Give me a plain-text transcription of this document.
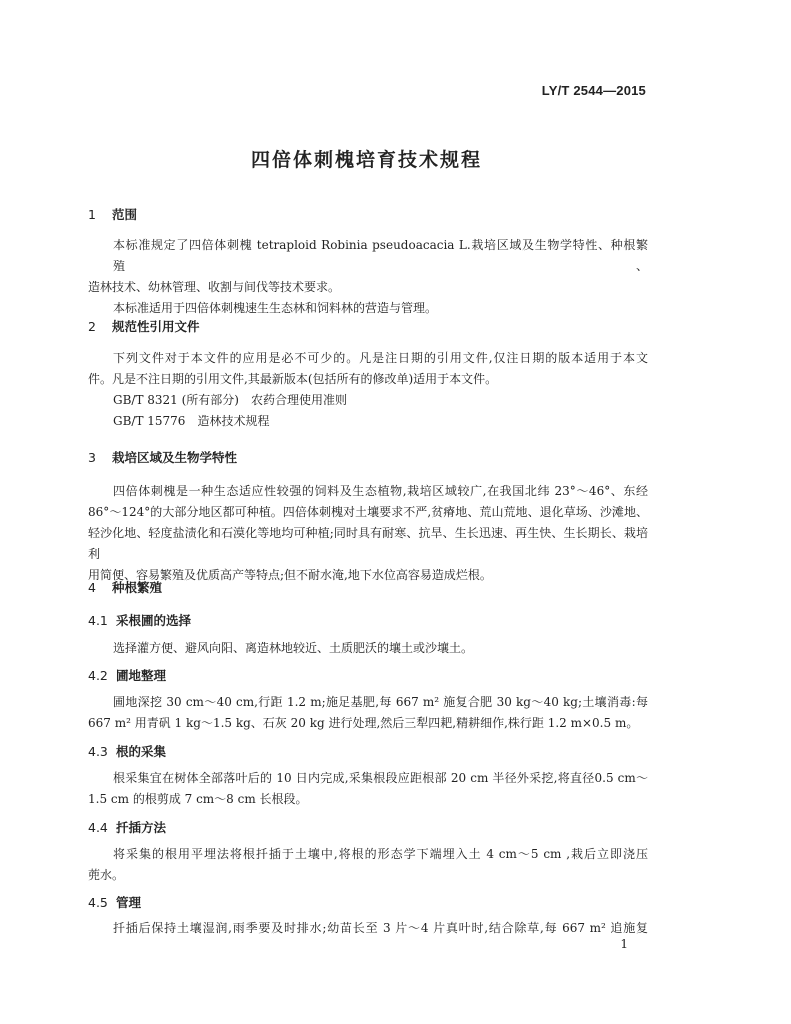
LY/T 2544—2015
四倍体刺槐培育技术规程
1 范围
本标准规定了四倍体刺槐 tetraploid Robinia pseudoacacia L.栽培区域及生物学特性、种根繁殖、
造林技术、幼林管理、收割与间伐等技术要求。
本标准适用于四倍体刺槐速生生态林和饲料林的营造与管理。
2 规范性引用文件
下列文件对于本文件的应用是必不可少的。凡是注日期的引用文件,仅注日期的版本适用于本文
件。凡是不注日期的引用文件,其最新版本(包括所有的修改单)适用于本文件。
GB/T 8321 (所有部分)　农药合理使用准则
GB/T 15776　造林技术规程
3 栽培区域及生物学特性
四倍体刺槐是一种生态适应性较强的饲料及生态植物,栽培区域较广,在我国北纬 23°～46°、东经
86°～124°的大部分地区都可种植。四倍体刺槐对土壤要求不严,贫瘠地、荒山荒地、退化草场、沙滩地、
轻沙化地、轻度盐渍化和石漠化等地均可种植;同时具有耐寒、抗旱、生长迅速、再生快、生长期长、栽培利
用简便、容易繁殖及优质高产等特点;但不耐水淹,地下水位高容易造成烂根。
4 种根繁殖
4.1 采根圃的选择
选择灌方便、避风向阳、离造林地较近、土质肥沃的壤土或沙壤土。
4.2 圃地整理
圃地深挖 30 cm～40 cm,行距 1.2 m;施足基肥,每 667 m² 施复合肥 30 kg～40 kg;土壤消毒:每
667 m² 用青矾 1 kg～1.5 kg、石灰 20 kg 进行处理,然后三犁四耙,精耕细作,株行距 1.2 m×0.5 m。
4.3 根的采集
根采集宜在树体全部落叶后的 10 日内完成,采集根段应距根部 20 cm 半径外采挖,将直径0.5 cm～
1.5 cm 的根剪成 7 cm～8 cm 长根段。
4.4 扦插方法
将采集的根用平埋法将根扦插于土壤中,将根的形态学下端埋入土 4 cm～5 cm ,栽后立即浇压
蔸水。
4.5 管理
扦插后保持土壤湿润,雨季要及时排水;幼苗长至 3 片～4 片真叶时,结合除草,每 667 m² 追施复
1
